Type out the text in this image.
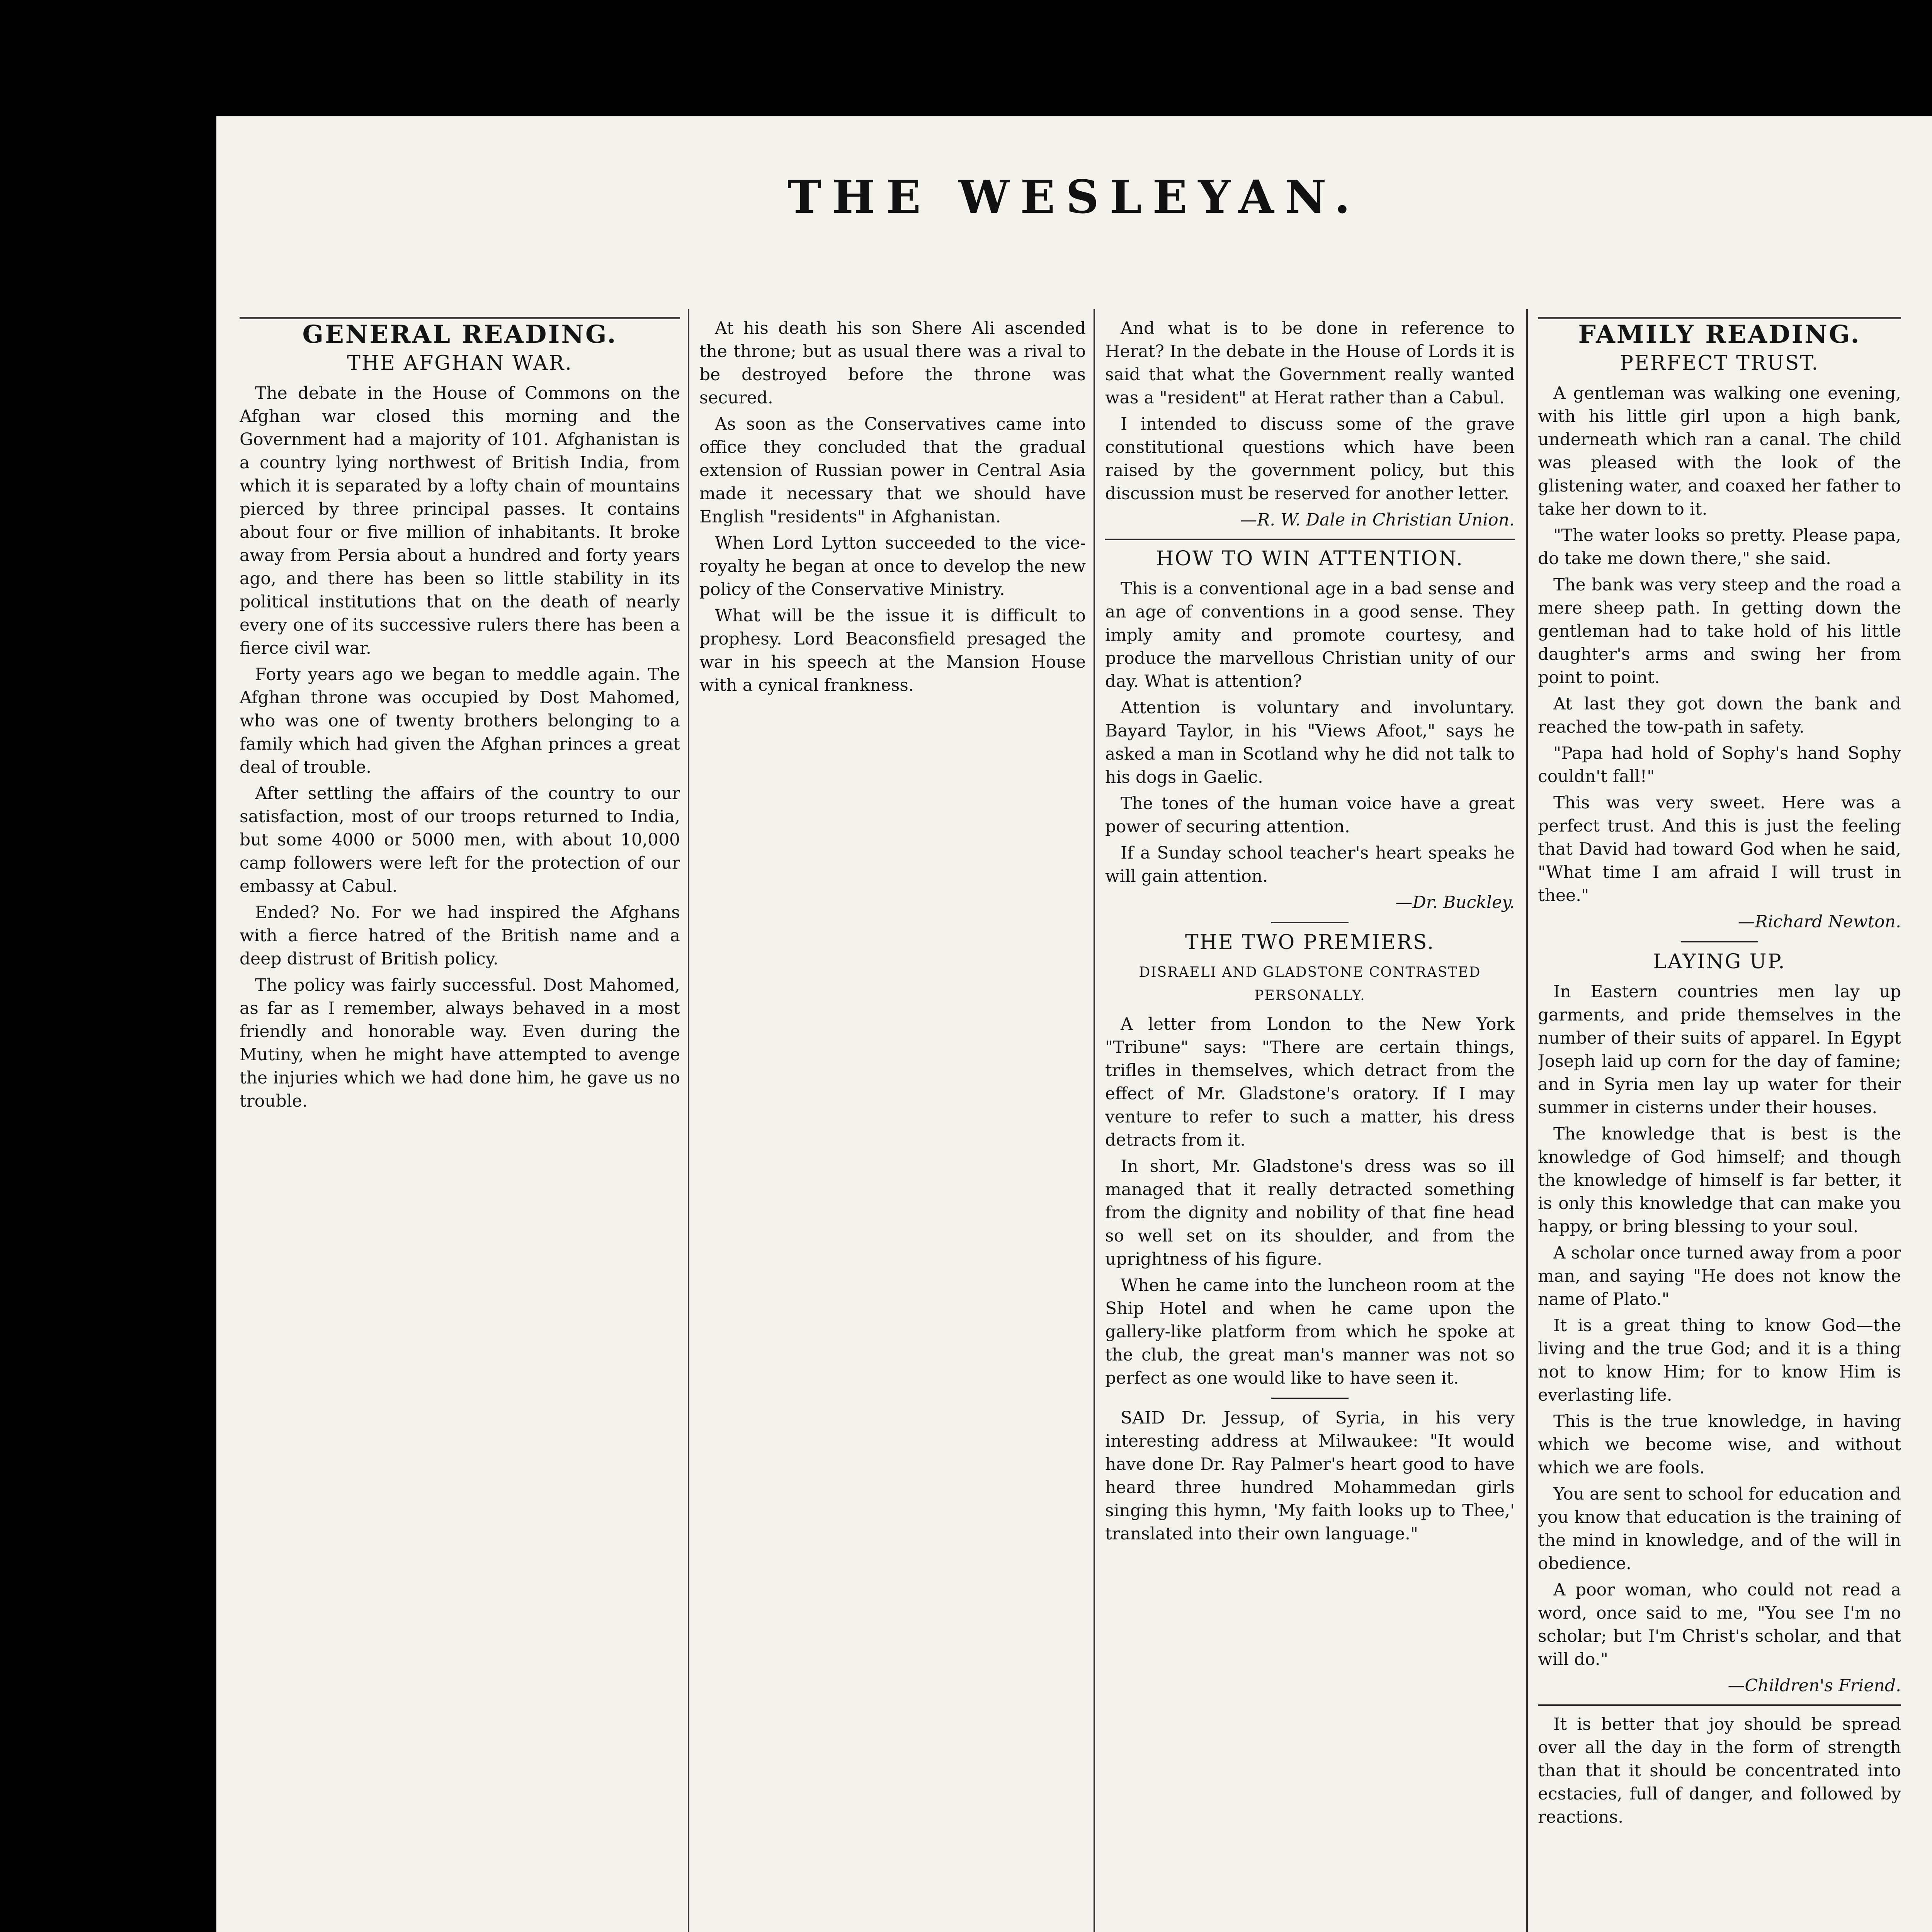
THE WESLEYAN.
GENERAL READING.
THE AFGHAN WAR.

The debate in the House of Commons on the Afghan war closed this morning and the Government had a majority of 101. Afghanistan is a country lying northwest of British India, from which it is separated by a lofty chain of mountains pierced by three principal passes. It contains about four or five million of inhabitants. It broke away from Persia about a hundred and forty years ago, and there has been so little stability in its political institutions that on the death of nearly every one of its successive rulers there has been a fierce civil war.

Forty years ago we began to meddle again. The Afghan throne was occupied by Dost Mahomed, who was one of twenty brothers belonging to a family which had given the Afghan princes a great deal of trouble.

After settling the affairs of the country to our satisfaction, most of our troops returned to India, but some 4000 or 5000 men, with about 10,000 camp followers were left for the protection of our embassy at Cabul.

Ended? No. For we had inspired the Afghans with a fierce hatred of the British name and a deep distrust of British policy.

The policy was fairly successful. Dost Mahomed, as far as I remember, always behaved in a most friendly and honorable way. Even during the Mutiny, when he might have attempted to avenge the injuries which we had done him, he gave us no trouble.

At his death his son Shere Ali ascended the throne; but as usual there was a rival to be destroyed before the throne was secured.

As soon as the Conservatives came into office they concluded that the gradual extension of Russian power in Central Asia made it necessary that we should have English "residents" in Afghanistan.

When Lord Lytton succeeded to the vice-royalty he began at once to develop the new policy of the Conservative Ministry.

What will be the issue it is difficult to prophesy. Lord Beaconsfield presaged the war in his speech at the Mansion House with a cynical frankness.

And what is to be done in reference to Herat? In the debate in the House of Lords it is said that what the Government really wanted was a "resident" at Herat rather than a Cabul.

I intended to discuss some of the grave constitutional questions which have been raised by the government policy, but this discussion must be reserved for another letter.

—R. W. Dale in Christian Union.
HOW TO WIN ATTENTION.

This is a conventional age in a bad sense and an age of conventions in a good sense. They imply amity and promote courtesy, and produce the marvellous Christian unity of our day. What is attention?

Attention is voluntary and involuntary. Bayard Taylor, in his "Views Afoot," says he asked a man in Scotland why he did not talk to his dogs in Gaelic.

The tones of the human voice have a great power of securing attention.

If a Sunday school teacher's heart speaks he will gain attention.

—Dr. Buckley.
THE TWO PREMIERS.
DISRAELI AND GLADSTONE CONTRASTED PERSONALLY.

A letter from London to the New York "Tribune" says: "There are certain things, trifles in themselves, which detract from the effect of Mr. Gladstone's oratory. If I may venture to refer to such a matter, his dress detracts from it.

In short, Mr. Gladstone's dress was so ill managed that it really detracted something from the dignity and nobility of that fine head so well set on its shoulder, and from the uprightness of his figure.

When he came into the luncheon room at the Ship Hotel and when he came upon the gallery-like platform from which he spoke at the club, the great man's manner was not so perfect as one would like to have seen it.

SAID Dr. Jessup, of Syria, in his very interesting address at Milwaukee: "It would have done Dr. Ray Palmer's heart good to have heard three hundred Mohammedan girls singing this hymn, 'My faith looks up to Thee,' translated into their own language."

FAMILY READING.
PERFECT TRUST.

A gentleman was walking one evening, with his little girl upon a high bank, underneath which ran a canal. The child was pleased with the look of the glistening water, and coaxed her father to take her down to it.

"The water looks so pretty. Please papa, do take me down there," she said.

The bank was very steep and the road a mere sheep path. In getting down the gentleman had to take hold of his little daughter's arms and swing her from point to point.

At last they got down the bank and reached the tow-path in safety.

"Papa had hold of Sophy's hand Sophy couldn't fall!"

This was very sweet. Here was a perfect trust. And this is just the feeling that David had toward God when he said, "What time I am afraid I will trust in thee."

—Richard Newton.
LAYING UP.

In Eastern countries men lay up garments, and pride themselves in the number of their suits of apparel. In Egypt Joseph laid up corn for the day of famine; and in Syria men lay up water for their summer in cisterns under their houses.

The knowledge that is best is the knowledge of God himself; and though the knowledge of himself is far better, it is only this knowledge that can make you happy, or bring blessing to your soul.

A scholar once turned away from a poor man, and saying "He does not know the name of Plato."

It is a great thing to know God—the living and the true God; and it is a thing not to know Him; for to know Him is everlasting life.

This is the true knowledge, in having which we become wise, and without which we are fools.

You are sent to school for education and you know that education is the training of the mind in knowledge, and of the will in obedience.

A poor woman, who could not read a word, once said to me, "You see I'm no scholar; but I'm Christ's scholar, and that will do."

—Children's Friend.

It is better that joy should be spread over all the day in the form of strength than that it should be concentrated into ecstacies, full of danger, and followed by reactions.
